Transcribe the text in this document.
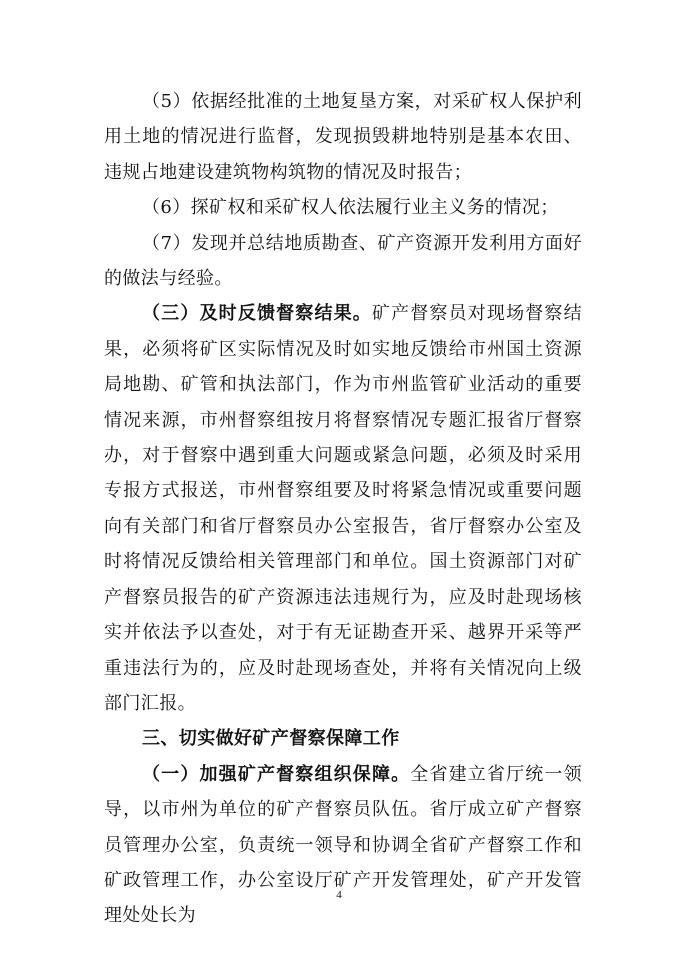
（5）依据经批准的土地复垦方案，对采矿权人保护利用土地的情况进行监督，发现损毁耕地特别是基本农田、违规占地建设建筑物构筑物的情况及时报告；

（6）探矿权和采矿权人依法履行业主义务的情况；

（7）发现并总结地质勘查、矿产资源开发利用方面好的做法与经验。

（三）及时反馈督察结果。矿产督察员对现场督察结果，必须将矿区实际情况及时如实地反馈给市州国土资源局地勘、矿管和执法部门，作为市州监管矿业活动的重要情况来源，市州督察组按月将督察情况专题汇报省厅督察办，对于督察中遇到重大问题或紧急问题，必须及时采用专报方式报送，市州督察组要及时将紧急情况或重要问题向有关部门和省厅督察员办公室报告，省厅督察办公室及时将情况反馈给相关管理部门和单位。国土资源部门对矿产督察员报告的矿产资源违法违规行为，应及时赴现场核实并依法予以查处，对于有无证勘查开采、越界开采等严重违法行为的，应及时赴现场查处，并将有关情况向上级部门汇报。

三、切实做好矿产督察保障工作

（一）加强矿产督察组织保障。全省建立省厅统一领导，以市州为单位的矿产督察员队伍。省厅成立矿产督察员管理办公室，负责统一领导和协调全省矿产督察工作和矿政管理工作，办公室设厅矿产开发管理处，矿产开发管理处处长为

4
